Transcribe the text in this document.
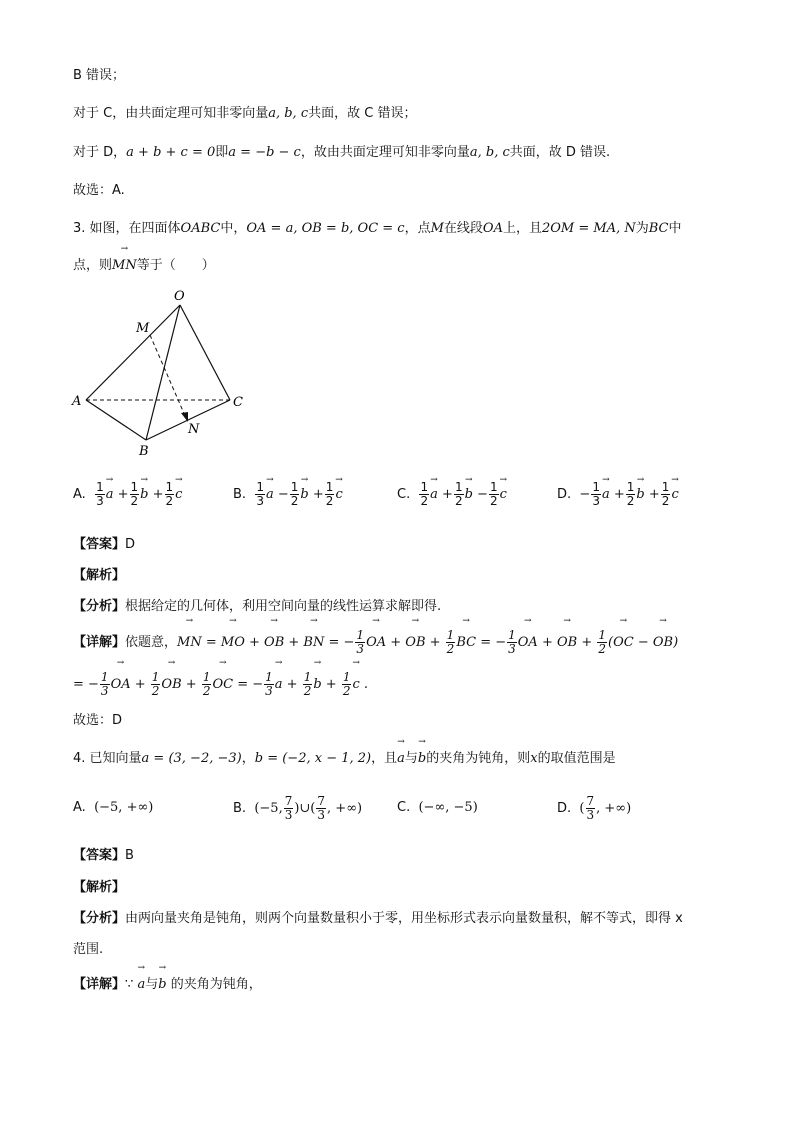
B 错误；
对于 C，由共面定理可知非零向量a, b, c共面，故 C 错误；
对于 D，a + b + c = 0即a = −b − c，故由共面定理可知非零向量a, b, c共面，故 D 错误.
故选：A.
3. 如图，在四面体OABC中，OA = a, OB = b, OC = c，点M在线段OA上，且2OM = MA, N为BC中
点，则→ MN等于（　　）
O
M
A	C
N
B
A. $\frac{1}{3}$
→ $a + \frac{1}{2}$
→ $b + \frac{1}{2}$
→ c	B. $\frac{1}{3}$
→ $a - \frac{1}{2}$
→ $b + \frac{1}{2}$
→ c	C. $\frac{1}{2}$
→ $a + \frac{1}{2}$
→ $b - \frac{1}{2}$
→ c	D. − $\frac{1}{3}$
→ $a + \frac{1}{2}$
→ $b + \frac{1}{2}$
→ c
【答案】D
【解析】
【分析】根据给定的几何体，利用空间向量的线性运算求解即得.
【详解】依题意，→ MN = → MO + → OB + → BN = − $\frac{1}{3}$
→ OA + → OB + $\frac{1}{2}$
→ BC = − $\frac{1}{3}$
→ OA + → OB + $\frac{1}{2}$ (→ OC − → OB)
= − $\frac{1}{3}$
→ OA + $\frac{1}{2}$
→ OB + $\frac{1}{2}$
→ OC = − $\frac{1}{3}$
→ $a + \frac{1}{2}$
→ $b + \frac{1}{2}$
→ c .
故选：D
4. 已知向量a = (3, −2, −3)，b = (−2, x − 1, 2)，且→ a与→ b的夹角为钝角，则x的取值范围是
A. (−5, +∞)	B. (−5, $\frac{7}{3}$ )∪( $\frac{7}{3}$ , +∞)	C. (−∞, −5)	D. ( $\frac{7}{3}$ , +∞)
【答案】B
【解析】
【分析】由两向量夹角是钝角，则两个向量数量积小于零，用坐标形式表示向量数量积，解不等式，即得 x
范围.
【详解】∵ → a与→ b 的夹角为钝角，
